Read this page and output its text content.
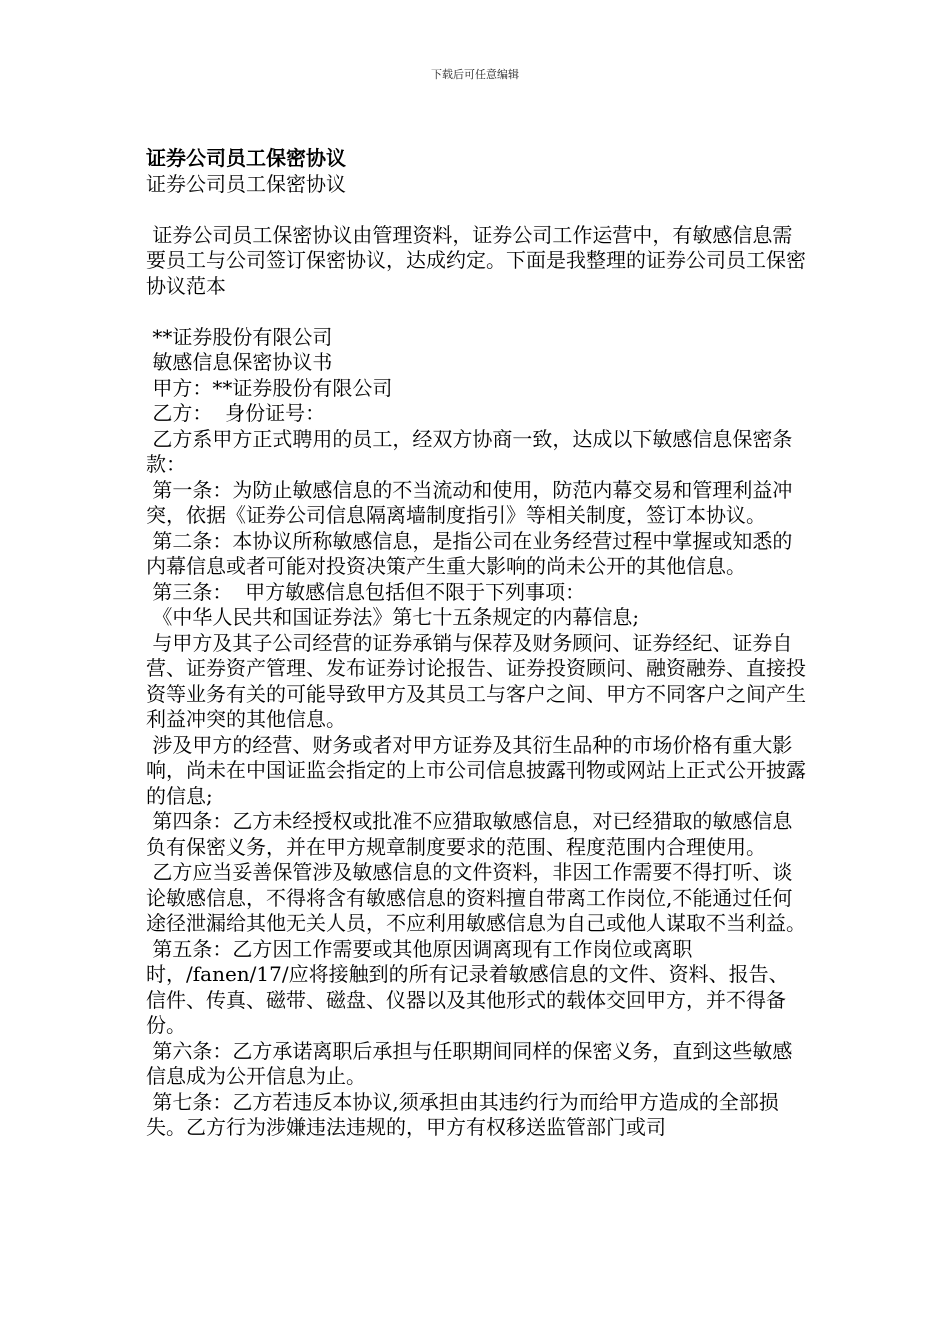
下载后可任意编辑
证券公司员工保密协议
证券公司员工保密协议
证券公司员工保密协议由管理资料，证券公司工作运营中，有敏感信息需要员工与公司签订保密协议，达成约定。下面是我整理的证券公司员工保密协议范本
**证券股份有限公司
敏感信息保密协议书
甲方：**证券股份有限公司
乙方：  身份证号：
乙方系甲方正式聘用的员工，经双方协商一致，达成以下敏感信息保密条款：
第一条：为防止敏感信息的不当流动和使用，防范内幕交易和管理利益冲突，依据《证券公司信息隔离墙制度指引》等相关制度，签订本协议。
第二条：本协议所称敏感信息，是指公司在业务经营过程中掌握或知悉的内幕信息或者可能对投资决策产生重大影响的尚未公开的其他信息。
第三条：  甲方敏感信息包括但不限于下列事项：
《中华人民共和国证券法》第七十五条规定的内幕信息;
与甲方及其子公司经营的证券承销与保荐及财务顾问、证券经纪、证券自营、证券资产管理、发布证券讨论报告、证券投资顾问、融资融券、直接投资等业务有关的可能导致甲方及其员工与客户之间、甲方不同客户之间产生利益冲突的其他信息。
涉及甲方的经营、财务或者对甲方证券及其衍生品种的市场价格有重大影响，尚未在中国证监会指定的上市公司信息披露刊物或网站上正式公开披露的信息;
第四条：乙方未经授权或批准不应猎取敏感信息，对已经猎取的敏感信息负有保密义务，并在甲方规章制度要求的范围、程度范围内合理使用。
乙方应当妥善保管涉及敏感信息的文件资料，非因工作需要不得打听、谈论敏感信息，不得将含有敏感信息的资料擅自带离工作岗位,不能通过任何途径泄漏给其他无关人员，不应利用敏感信息为自己或他人谋取不当利益。
第五条：乙方因工作需要或其他原因调离现有工作岗位或离职时，/fanen/17/应将接触到的所有记录着敏感信息的文件、资料、报告、信件、传真、磁带、磁盘、仪器以及其他形式的载体交回甲方，并不得备份。
第六条：乙方承诺离职后承担与任职期间同样的保密义务，直到这些敏感信息成为公开信息为止。
第七条：乙方若违反本协议,须承担由其违约行为而给甲方造成的全部损失。乙方行为涉嫌违法违规的，甲方有权移送监管部门或司
